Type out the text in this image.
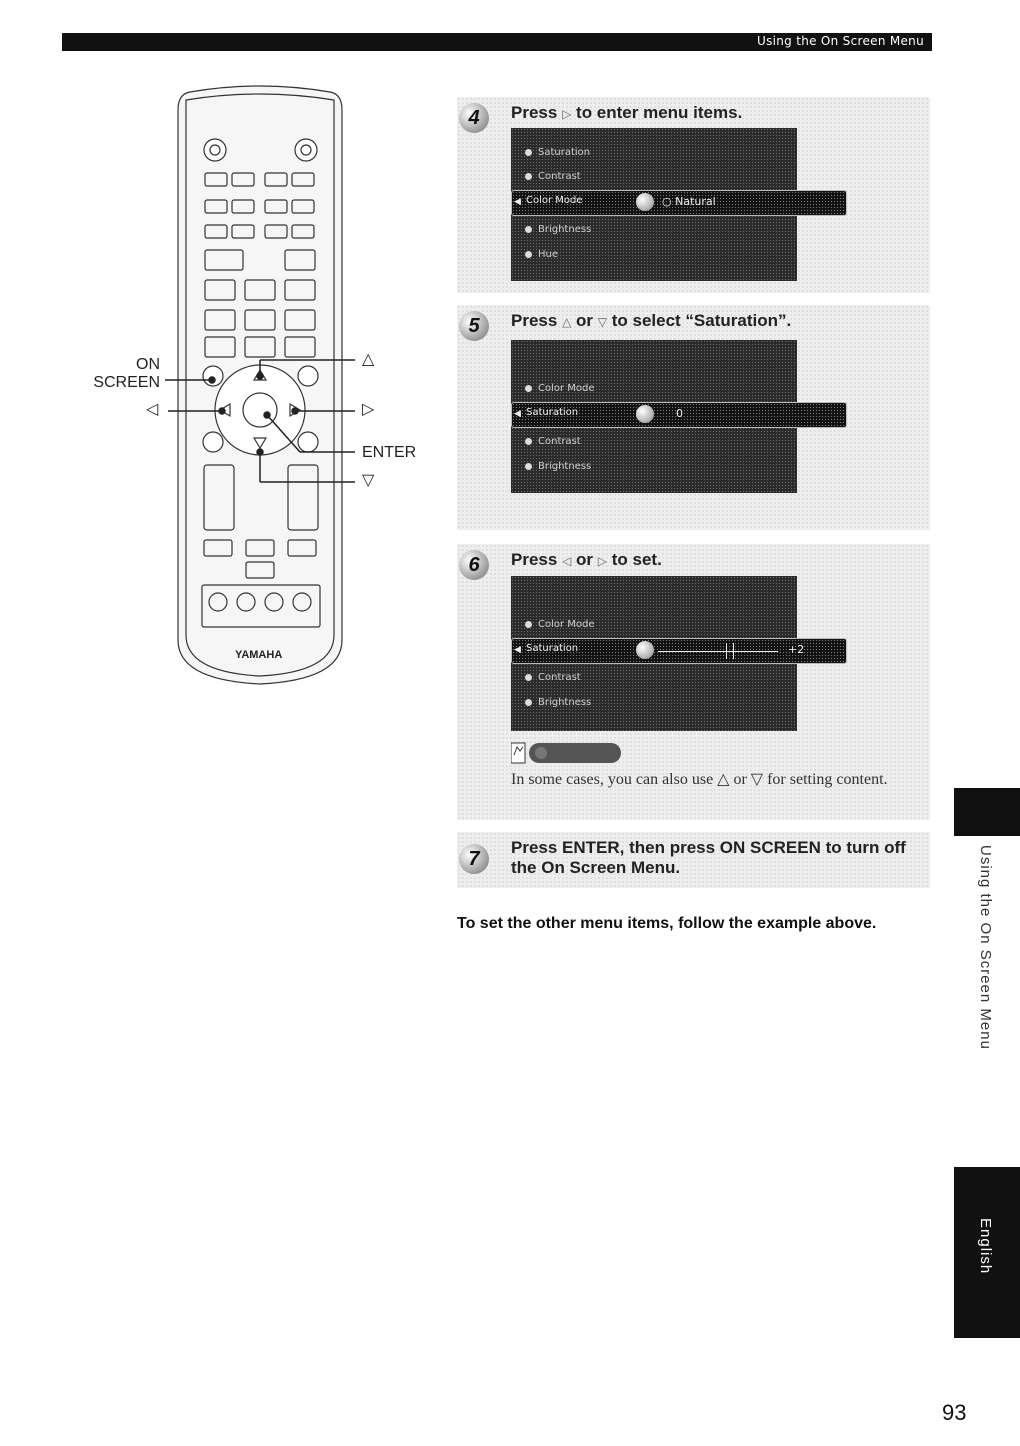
Using the On Screen Menu
YAMAHA
ON
SCREEN
◁
△
▷
ENTER
▽
4	Press ▷ to enter menu items.
Saturation
Contrast
◀ Color Mode	○ Natural
Brightness
Hue
5	Press △ or ▽ to select “Saturation”.
Color Mode
◀ Saturation	0
Contrast
Brightness
6	Press ◁ or ▷ to set.
Color Mode
◀ Saturation	+2
Contrast
Brightness
In some cases, you can also use △ or ▽ for setting content.
7	Press ENTER, then press ON SCREEN to turn off
the On Screen Menu.
To set the other menu items, follow the example above.	Using the On Screen Menu
English
93
